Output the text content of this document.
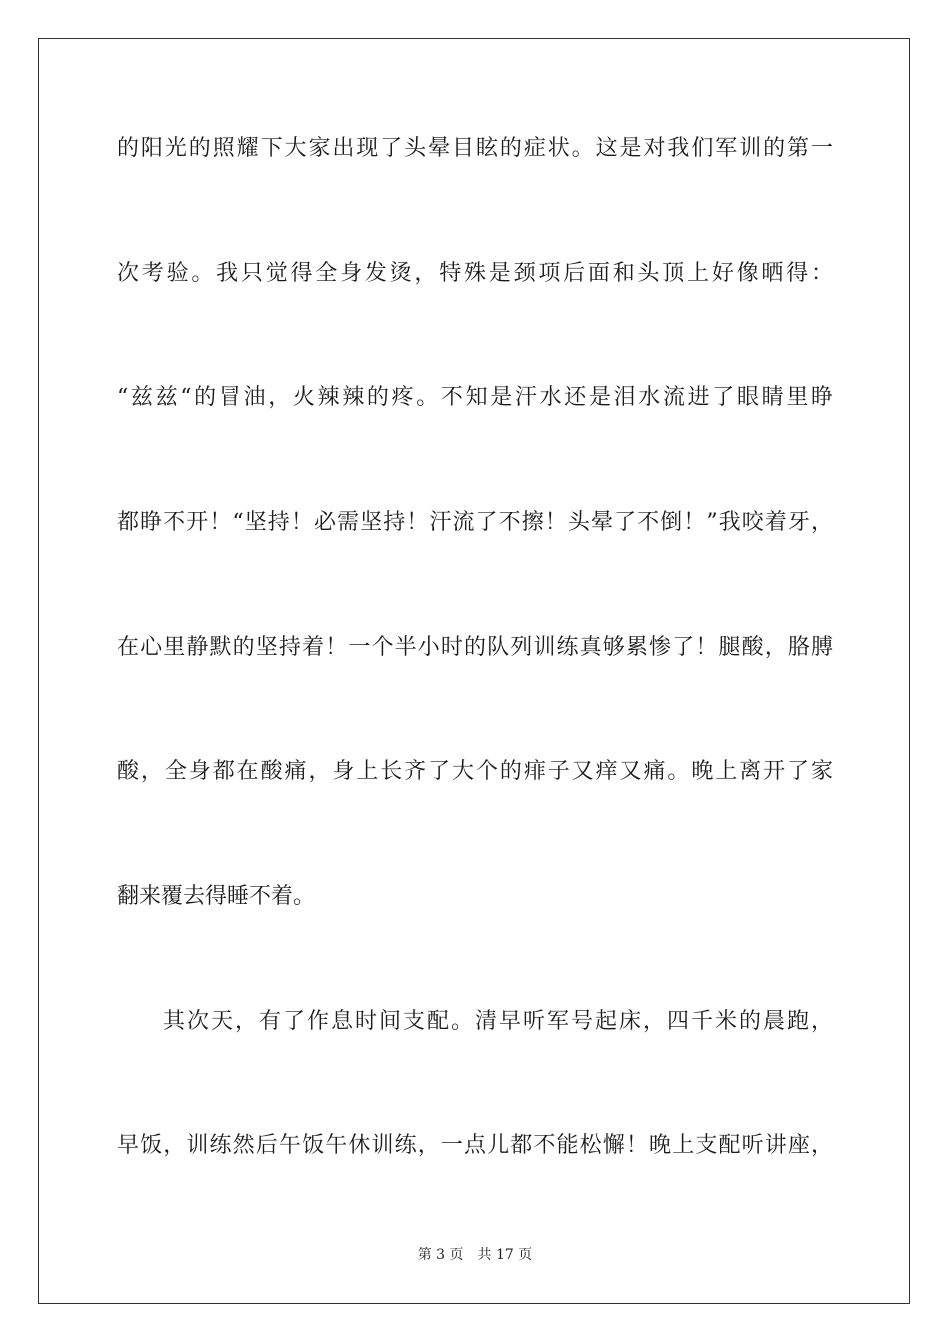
的阳光的照耀下大家出现了头晕目眩的症状。这是对我们军训的第一
次考验。我只觉得全身发烫，特殊是颈项后面和头顶上好像晒得：
“兹兹“的冒油，火辣辣的疼。不知是汗水还是泪水流进了眼睛里睁
都睁不开！“坚持！必需坚持！汗流了不擦！头晕了不倒！”我咬着牙，
在心里静默的坚持着！一个半小时的队列训练真够累惨了！腿酸，胳膊
酸，全身都在酸痛，身上长齐了大个的痱子又痒又痛。晚上离开了家
翻来覆去得睡不着。
其次天，有了作息时间支配。清早听军号起床，四千米的晨跑，
早饭，训练然后午饭午休训练，一点儿都不能松懈！晚上支配听讲座，
第 3 页 共 17 页
